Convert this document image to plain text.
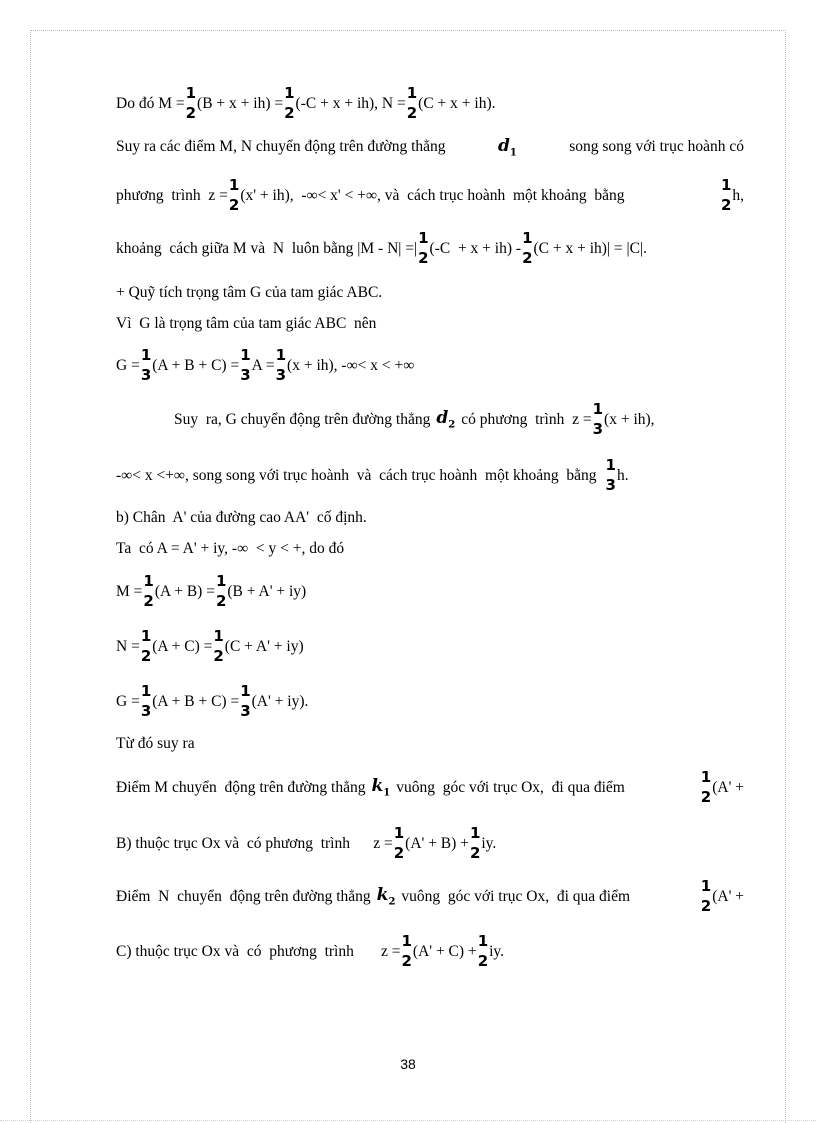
Do đó M =
1
2
(B + x + ih) =
1
2
(-C + x + ih), N =
1
2
(C + x + ih).
Suy ra các điểm M, N chuyển động trên đường thẳng	$d_1$	song song với trục hoành có
phương  trình  z =
1
2
(x' + ih),  -∞< x' < +∞, và  cách trục hoành  một khoảng  bằng
1
2
h,
khoảng  cách giữa M và  N  luôn bằng |M - N| =|
1
2
(-C  + x + ih) -
1
2
(C + x + ih)| = |C|.
+ Quỹ tích trọng tâm G của tam giác ABC.
Vì  G là trọng tâm của tam giác ABC  nên
G =
1
3
(A + B + C) =
1
3
A =
1
3
(x + ih), -∞< x < +∞
Suy  ra, G chuyển động trên đường thẳng $d_2$ có phương  trình  z =
1
3
(x + ih),
-∞< x <+∞, song song với trục hoành  và  cách trục hoành  một khoảng  bằng
1
3
h.
b) Chân  A' của đường cao AA'  cố định.
Ta  có A = A' + iy, -∞  < y < +, do đó
M =
1
2
(A + B) =
1
2
(B + A' + iy)
N =
1
2
(A + C) =
1
2
(C + A' + iy)
G =
1
3
(A + B + C) =
1
3
(A' + iy).
Từ đó suy ra
Điểm M chuyển  động trên đường thẳng $k_1$ vuông  góc với trục Ox,  đi qua điểm
1
2
(A' +
B) thuộc trục Ox và  có phương  trình      z =
1
2
(A' + B) +
1
2
iy.
Điểm  N  chuyển  động trên đường thẳng $k_2$ vuông  góc với trục Ox,  đi qua điểm
1
2
(A' +
C) thuộc trục Ox và  có  phương  trình       z =
1
2
(A' + C) +
1
2
iy.
38
